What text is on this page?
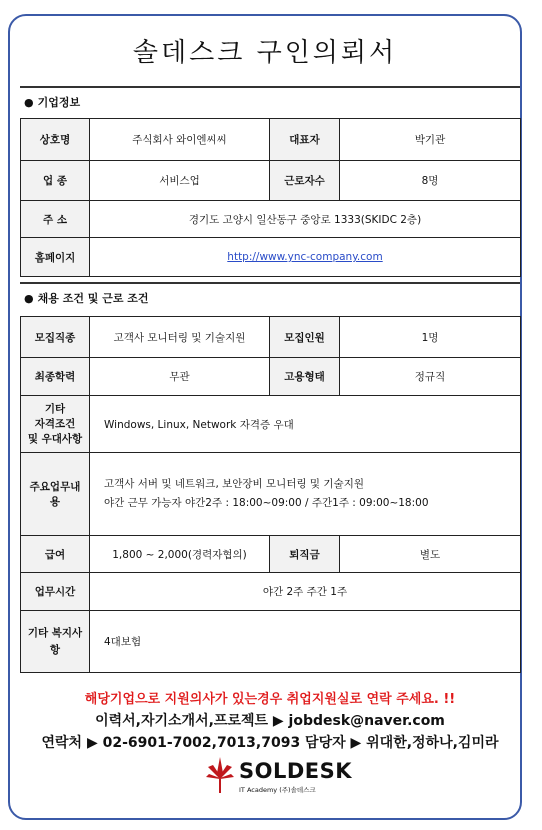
솔데스크 구인의뢰서
● 기업정보
상호명	주식회사 와이엔씨씨	대표자	박기관
업 종	서비스업	근로자수	8명
주 소	경기도 고양시 일산동구 중앙로 1333(SKIDC 2층)		
홈페이지	http://www.ync-company.com		
● 채용 조건 및 근로 조건
모집직종	고객사 모니터링 및 기술지원	모집인원	1명
최종학력	무관	고용형태	정규직

기타
자격조건
및 우대사항	Windows, Linux, Network 자격증 우대		
주요업무내용	고객사 서버 및 네트워크, 보안장비 모니터링 및 기술지원
야간 근무 가능자 야간2주 : 18:00~09:00 / 주간1주 : 09:00~18:00		

급여	1,800 ~ 2,000(경력자협의)	퇴직금	별도
업무시간	야간 2주 주간 1주		

기타 복지사
항	4대보험		
해당기업으로 지원의사가 있는경우 취업지원실로 연락 주세요. !!
이력서,자기소개서,프로젝트 ▶ jobdesk@naver.com
연락처 ▶ 02-6901-7002,7013,7093 담당자 ▶ 위대한,정하나,김미라
SOLDESK
IT Academy (주)솔데스크
